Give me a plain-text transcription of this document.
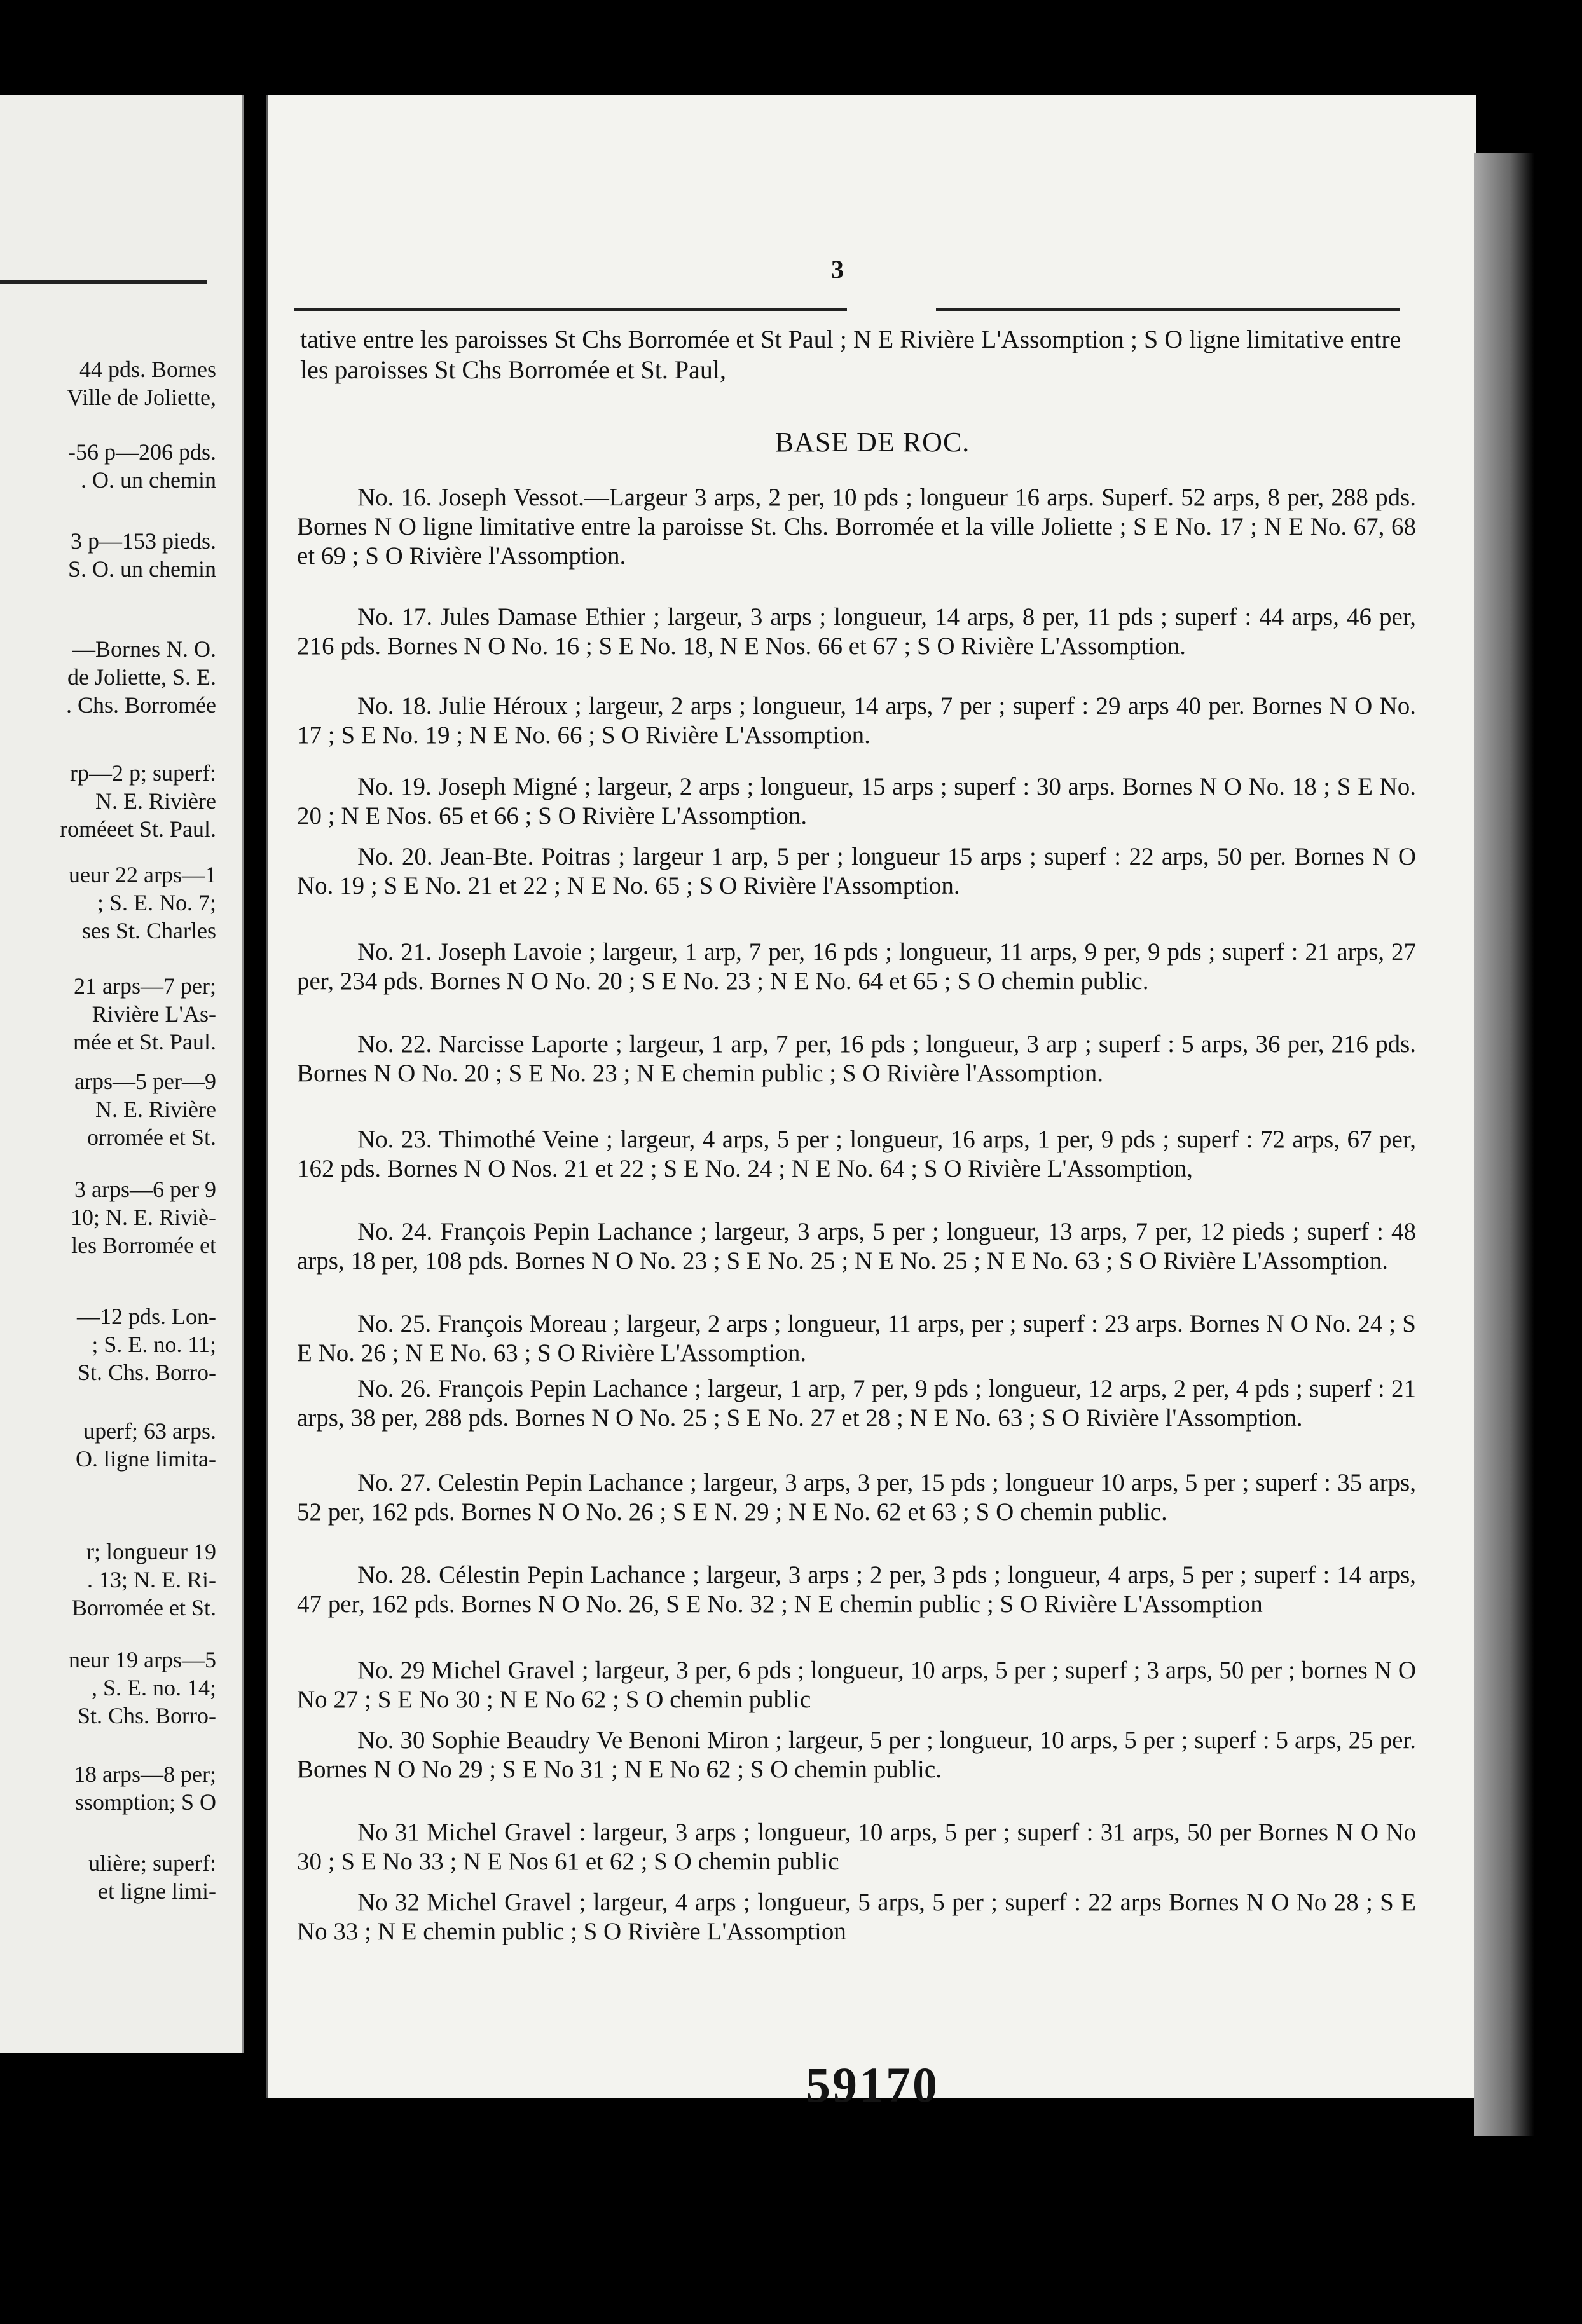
44 pds. Bornes
Ville de Joliette,
-56 p—206 pds.
. O. un chemin
3 p—153 pieds.
S. O. un chemin
—Bornes N. O.
de Joliette, S. E.
. Chs. Borromée
rp—2 p; superf:
N. E. Rivière
roméeet St. Paul.
ueur 22 arps—1
; S. E. No. 7;
ses St. Charles
21 arps—7 per;
Rivière L'As-
mée et St. Paul.
arps—5 per—9
N. E. Rivière
orromée et St.
3 arps—6 per 9
10; N. E. Riviè-
les Borromée et
—12 pds. Lon-
; S. E. no. 11;
St. Chs. Borro-
uperf; 63 arps.
O. ligne limita-
r; longueur 19
. 13; N. E. Ri-
Borromée et St.
neur 19 arps—5
, S. E. no. 14;
St. Chs. Borro-
18 arps—8 per;
ssomption; S O
ulière; superf:
et ligne limi-
3
tative entre les paroisses St Chs Borromée et St Paul ; N E Rivière L'Assomption ; S O ligne limitative entre les paroisses St Chs Borromée et St. Paul,
BASE DE ROC.
No. 16. Joseph Vessot.—Largeur 3 arps, 2 per, 10 pds ; longueur 16 arps. Superf. 52 arps, 8 per, 288 pds. Bornes N O ligne limitative entre la paroisse St. Chs. Borromée et la ville Joliette ; S E No. 17 ; N E No. 67, 68 et 69 ; S O Rivière l'Assomption.
No. 17. Jules Damase Ethier ; largeur, 3 arps ; longueur, 14 arps, 8 per, 11 pds ; superf : 44 arps, 46 per, 216 pds. Bornes N O No. 16 ; S E No. 18, N E Nos. 66 et 67 ; S O Rivière L'Assomption.
No. 18. Julie Héroux ; largeur, 2 arps ; longueur, 14 arps, 7 per ; superf : 29 arps 40 per. Bornes N O No. 17 ; S E No. 19 ; N E No. 66 ; S O Rivière L'Assomption.
No. 19. Joseph Migné ; largeur, 2 arps ; longueur, 15 arps ; superf : 30 arps. Bornes N O No. 18 ; S E No. 20 ; N E Nos. 65 et 66 ; S O Rivière L'Assomption.
No. 20. Jean-Bte. Poitras ; largeur 1 arp, 5 per ; longueur 15 arps ; superf : 22 arps, 50 per. Bornes N O No. 19 ; S E No. 21 et 22 ; N E No. 65 ; S O Rivière l'Assomption.
No. 21. Joseph Lavoie ; largeur, 1 arp, 7 per, 16 pds ; longueur, 11 arps, 9 per, 9 pds ; superf : 21 arps, 27 per, 234 pds. Bornes N O No. 20 ; S E No. 23 ; N E No. 64 et 65 ; S O chemin public.
No. 22. Narcisse Laporte ; largeur, 1 arp, 7 per, 16 pds ; longueur, 3 arp ; superf : 5 arps, 36 per, 216 pds. Bornes N O No. 20 ; S E No. 23 ; N E chemin public ; S O Rivière l'Assomption.
No. 23. Thimothé Veine ; largeur, 4 arps, 5 per ; longueur, 16 arps, 1 per, 9 pds ; superf : 72 arps, 67 per, 162 pds. Bornes N O Nos. 21 et 22 ; S E No. 24 ; N E No. 64 ; S O Rivière L'Assomption,
No. 24. François Pepin Lachance ; largeur, 3 arps, 5 per ; longueur, 13 arps, 7 per, 12 pieds ; superf : 48 arps, 18 per, 108 pds. Bornes N O No. 23 ; S E No. 25 ; N E No. 25 ; N E No. 63 ; S O Rivière L'Assomption.
No. 25. François Moreau ; largeur, 2 arps ; longueur, 11 arps, per ; superf : 23 arps. Bornes N O No. 24 ; S E No. 26 ; N E No. 63 ; S O Rivière L'Assomption.
No. 26. François Pepin Lachance ; largeur, 1 arp, 7 per, 9 pds ; longueur, 12 arps, 2 per, 4 pds ; superf : 21 arps, 38 per, 288 pds. Bornes N O No. 25 ; S E No. 27 et 28 ; N E No. 63 ; S O Rivière l'Assomption.
No. 27. Celestin Pepin Lachance ; largeur, 3 arps, 3 per, 15 pds ; longueur 10 arps, 5 per ; superf : 35 arps, 52 per, 162 pds. Bornes N O No. 26 ; S E N. 29 ; N E No. 62 et 63 ; S O chemin public.
No. 28. Célestin Pepin Lachance ; largeur, 3 arps ; 2 per, 3 pds ; longueur, 4 arps, 5 per ; superf : 14 arps, 47 per, 162 pds. Bornes N O No. 26, S E No. 32 ; N E chemin public ; S O Rivière L'Assomption
No. 29 Michel Gravel ; largeur, 3 per, 6 pds ; longueur, 10 arps, 5 per ; superf ; 3 arps, 50 per ; bornes N O No 27 ; S E No 30 ; N E No 62 ; S O chemin public
No. 30 Sophie Beaudry Ve Benoni Miron ; largeur, 5 per ; longueur, 10 arps, 5 per ; superf : 5 arps, 25 per. Bornes N O No 29 ; S E No 31 ; N E No 62 ; S O chemin public.
No 31 Michel Gravel : largeur, 3 arps ; longueur, 10 arps, 5 per ; superf : 31 arps, 50 per Bornes N O No 30 ; S E No 33 ; N E Nos 61 et 62 ; S O chemin public
No 32 Michel Gravel ; largeur, 4 arps ; longueur, 5 arps, 5 per ; superf : 22 arps Bornes N O No 28 ; S E No 33 ; N E chemin public ; S O Rivière L'Assomption
59170
